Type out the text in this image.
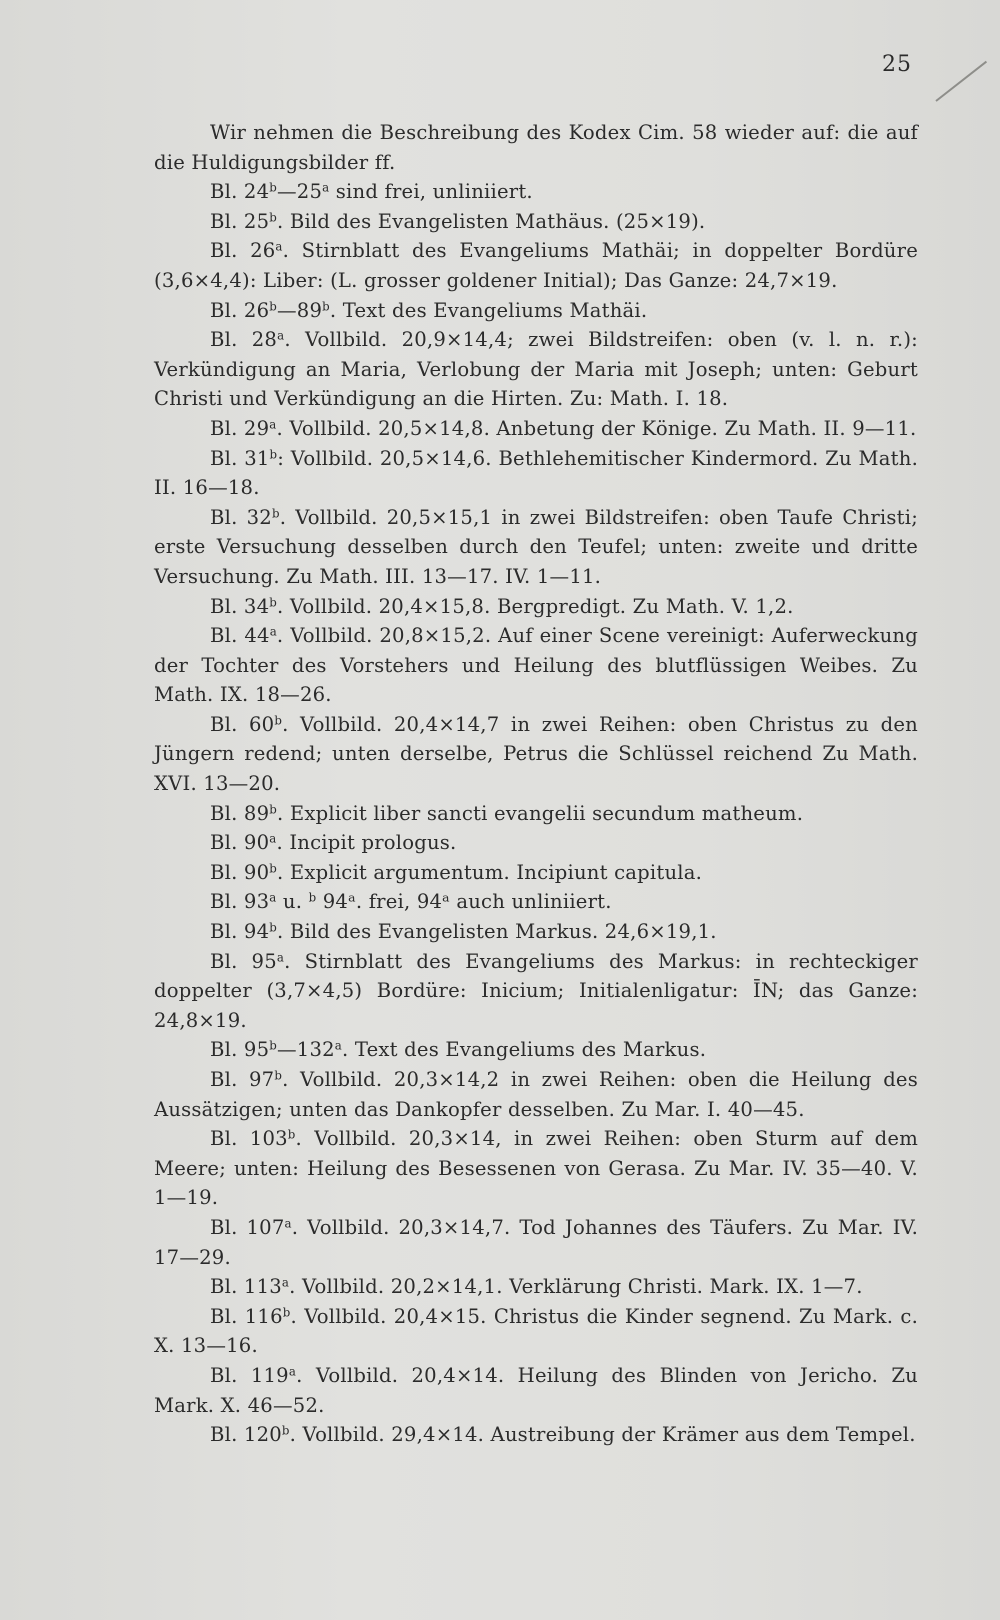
25

Wir nehmen die Beschreibung des Kodex Cim. 58 wieder auf: die auf die Huldigungsbilder ff.

Bl. 24$^b$—25$^a$ sind frei, unliniiert.

Bl. 25$^b$. Bild des Evangelisten Mathäus. (25×19).

Bl. 26$^a$. Stirnblatt des Evangeliums Mathäi; in doppelter Bordüre (3,6×4,4): Liber: (L. grosser goldener Initial); Das Ganze: 24,7×19.

Bl. 26$^b$—89$^b$. Text des Evangeliums Mathäi.

Bl. 28$^a$. Vollbild. 20,9×14,4; zwei Bildstreifen: oben (v. l. n. r.): Verkündigung an Maria, Verlobung der Maria mit Joseph; unten: Geburt Christi und Verkündigung an die Hirten. Zu: Math. I. 18.

Bl. 29$^a$. Vollbild. 20,5×14,8. Anbetung der Könige. Zu Math. II. 9—11.

Bl. 31$^b$: Vollbild. 20,5×14,6. Bethlehemitischer Kindermord. Zu Math. II. 16—18.

Bl. 32$^b$. Vollbild. 20,5×15,1 in zwei Bildstreifen: oben Taufe Christi; erste Versuchung desselben durch den Teufel; unten: zweite und dritte Versuchung. Zu Math. III. 13—17. IV. 1—11.

Bl. 34$^b$. Vollbild. 20,4×15,8. Bergpredigt. Zu Math. V. 1,2.

Bl. 44$^a$. Vollbild. 20,8×15,2. Auf einer Scene vereinigt: Auferweckung der Tochter des Vorstehers und Heilung des blutflüssigen Weibes. Zu Math. IX. 18—26.

Bl. 60$^b$. Vollbild. 20,4×14,7 in zwei Reihen: oben Christus zu den Jüngern redend; unten derselbe, Petrus die Schlüssel reichend Zu Math. XVI. 13—20.

Bl. 89$^b$. Explicit liber sancti evangelii secundum matheum.

Bl. 90$^a$. Incipit prologus.

Bl. 90$^b$. Explicit argumentum. Incipiunt capitula.

Bl. 93$^a$ u. $^b$ 94ᵃ. frei, 94ᵃ auch unliniiert.

Bl. 94$^b$. Bild des Evangelisten Markus. 24,6×19,1.

Bl. 95$^a$. Stirnblatt des Evangeliums des Markus: in rechteckiger doppelter (3,7×4,5) Bordüre: Inicium; Initialenligatur: ĪN; das Ganze: 24,8×19.

Bl. 95$^b$—132$^a$. Text des Evangeliums des Markus.

Bl. 97$^b$. Vollbild. 20,3×14,2 in zwei Reihen: oben die Heilung des Aussätzigen; unten das Dankopfer desselben. Zu Mar. I. 40—45.

Bl. 103$^b$. Vollbild. 20,3×14, in zwei Reihen: oben Sturm auf dem Meere; unten: Heilung des Besessenen von Gerasa. Zu Mar. IV. 35—40. V. 1—19.

Bl. 107$^a$. Vollbild. 20,3×14,7. Tod Johannes des Täufers. Zu Mar. IV. 17—29.

Bl. 113$^a$. Vollbild. 20,2×14,1. Verklärung Christi. Mark. IX. 1—7.

Bl. 116$^b$. Vollbild. 20,4×15. Christus die Kinder segnend. Zu Mark. c. X. 13—16.

Bl. 119$^a$. Vollbild. 20,4×14. Heilung des Blinden von Jericho. Zu Mark. X. 46—52.

Bl. 120$^b$. Vollbild. 29,4×14. Austreibung der Krämer aus dem Tempel.
